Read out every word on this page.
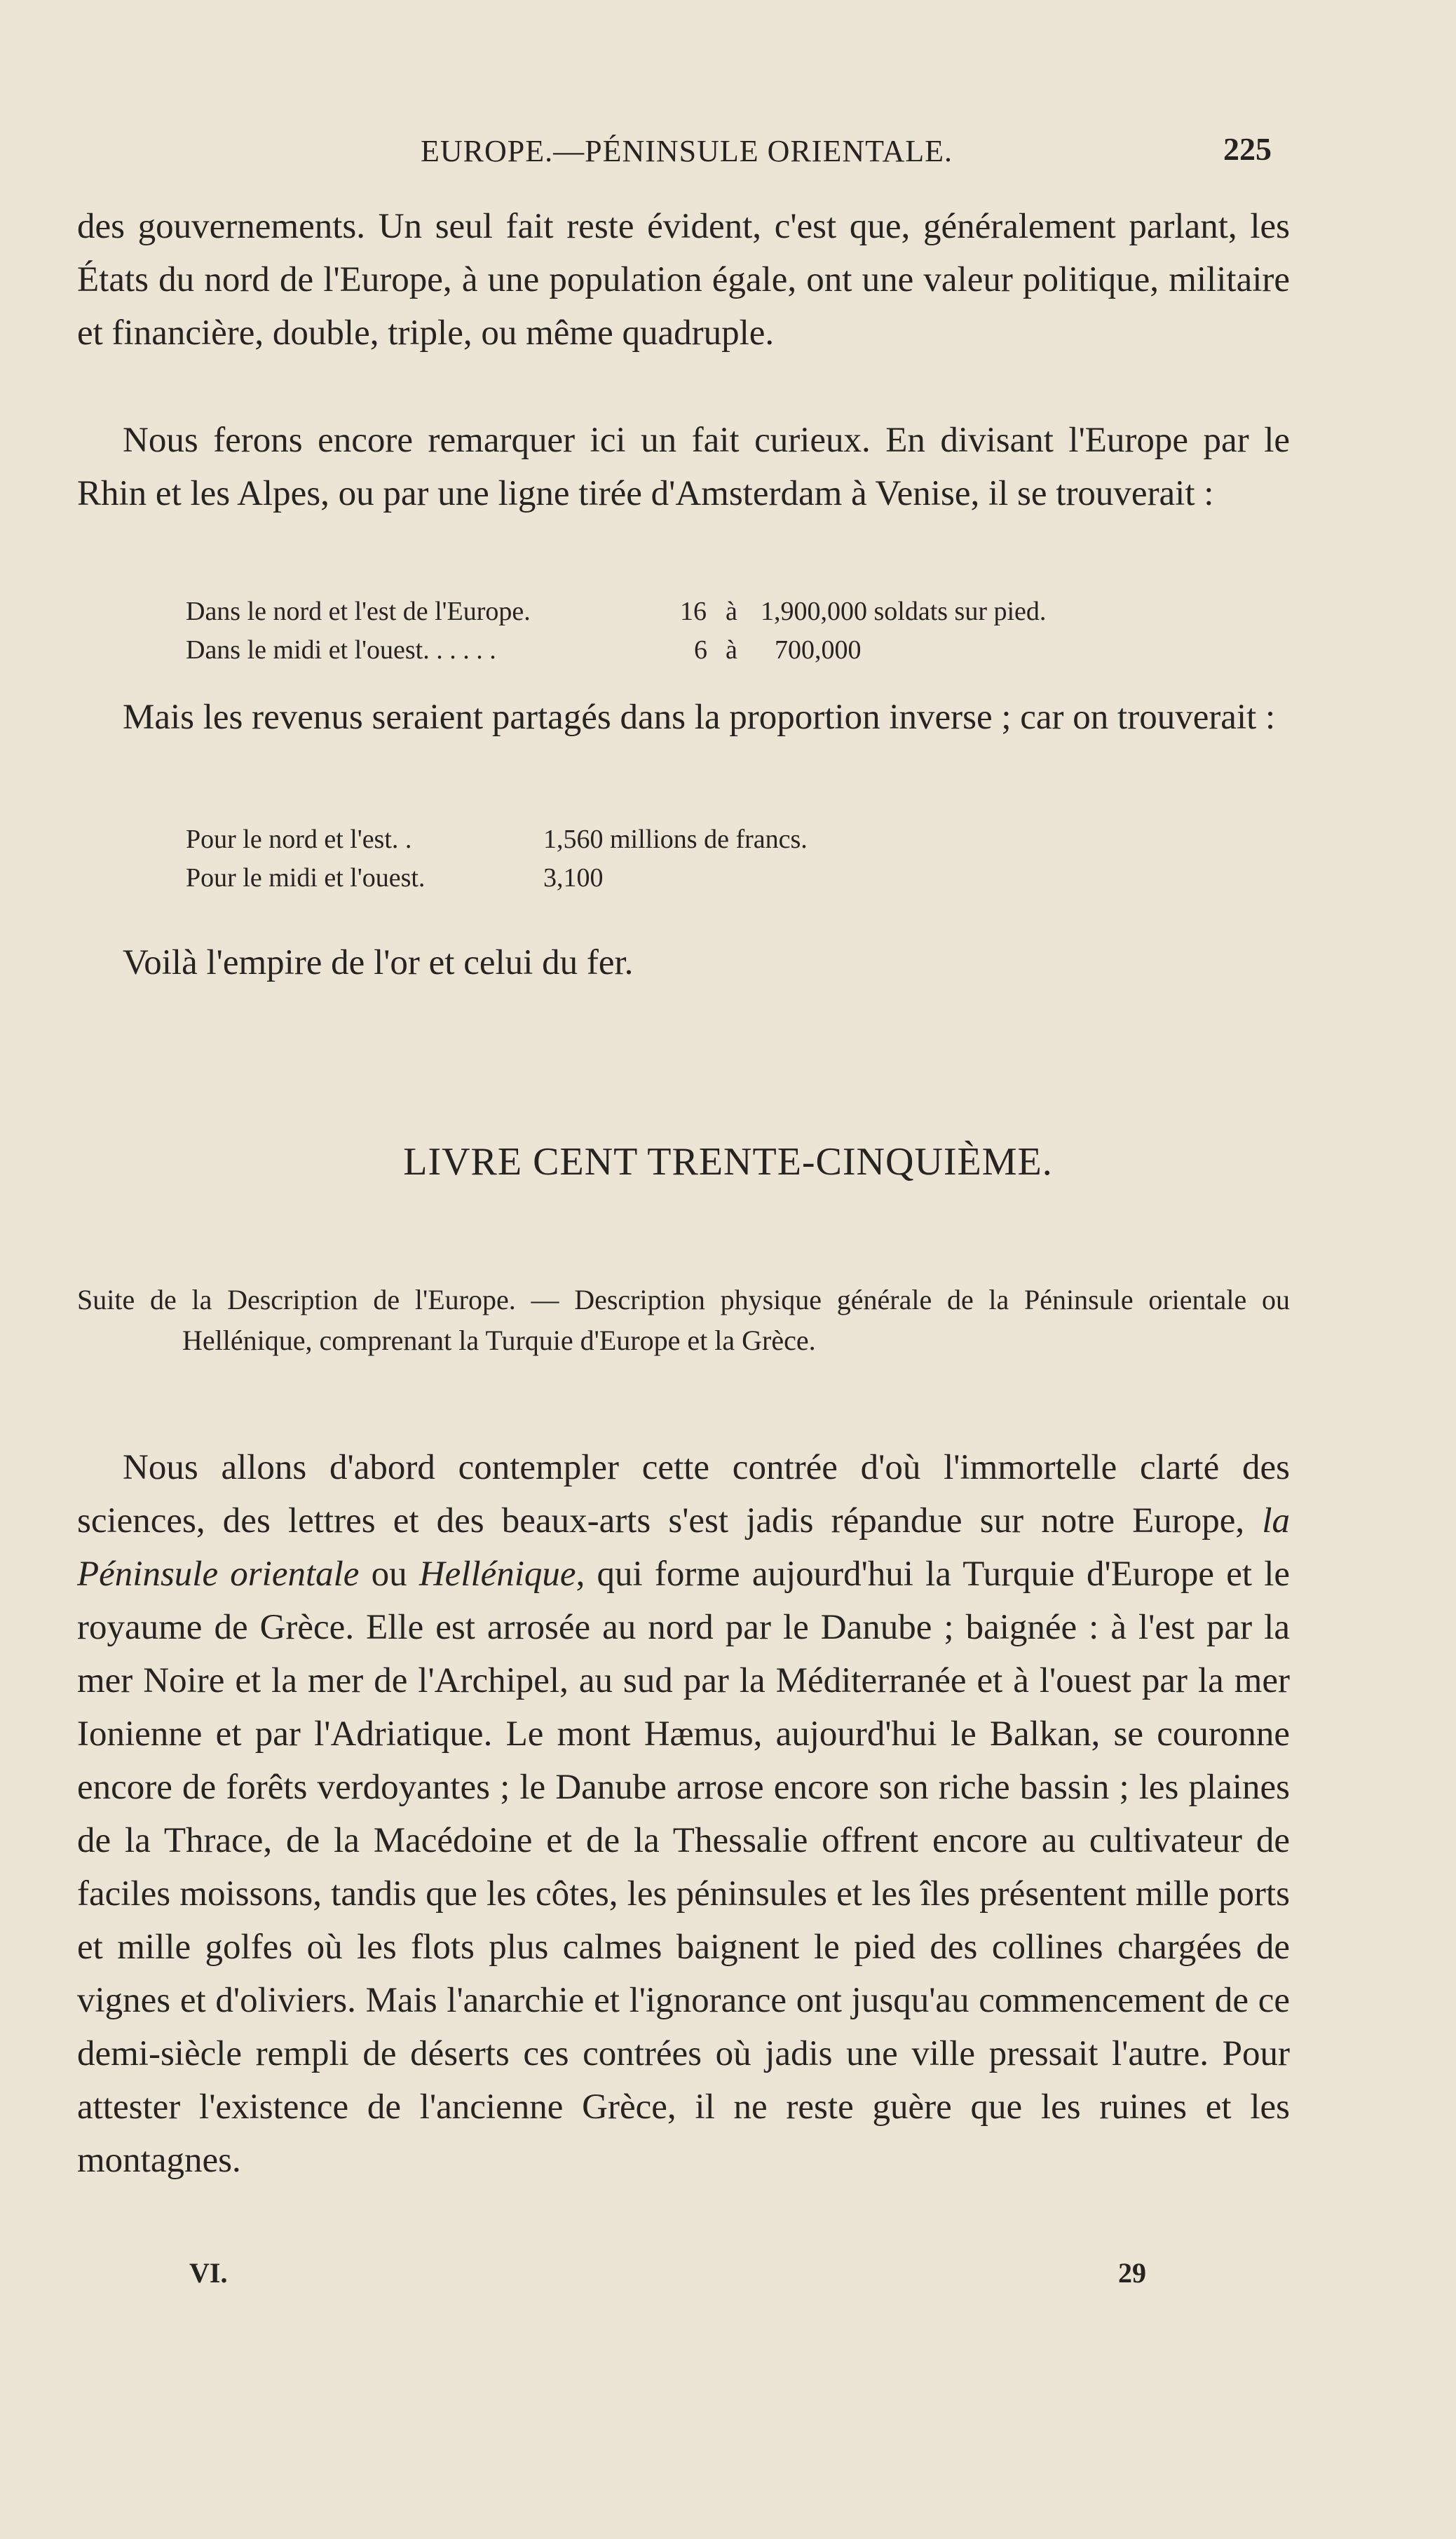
EUROPE.—PÉNINSULE ORIENTALE.	225

des gouvernements. Un seul fait reste évident, c'est que, généralement parlant, les États du nord de l'Europe, à une population égale, ont une valeur politique, militaire et financière, double, triple, ou même quadruple.

Nous ferons encore remarquer ici un fait curieux. En divisant l'Europe par le Rhin et les Alpes, ou par une ligne tirée d'Amsterdam à Venise, il se trouverait :

Dans le nord et l'est de l'Europe.	16 à 1,900,000 soldats sur pied.
Dans le midi et l'ouest. . . . . .	6 à 700,000

Mais les revenus seraient partagés dans la proportion inverse ; car on trouverait :

Pour le nord et l'est. .	1,560 millions de francs.
Pour le midi et l'ouest.	3,100

Voilà l'empire de l'or et celui du fer.

LIVRE CENT TRENTE-CINQUIÈME.

Suite de la Description de l'Europe. — Description physique générale de la Péninsule orientale ou Hellénique, comprenant la Turquie d'Europe et la Grèce.

Nous allons d'abord contempler cette contrée d'où l'immortelle clarté des sciences, des lettres et des beaux-arts s'est jadis répandue sur notre Europe, la Péninsule orientale ou Hellénique, qui forme aujourd'hui la Turquie d'Europe et le royaume de Grèce. Elle est arrosée au nord par le Danube ; baignée : à l'est par la mer Noire et la mer de l'Archipel, au sud par la Méditerranée et à l'ouest par la mer Ionienne et par l'Adriatique. Le mont Hæmus, aujourd'hui le Balkan, se couronne encore de forêts verdoyantes ; le Danube arrose encore son riche bassin ; les plaines de la Thrace, de la Macédoine et de la Thessalie offrent encore au cultivateur de faciles moissons, tandis que les côtes, les péninsules et les îles présentent mille ports et mille golfes où les flots plus calmes baignent le pied des collines chargées de vignes et d'oliviers. Mais l'anarchie et l'ignorance ont jusqu'au commencement de ce demi-siècle rempli de déserts ces contrées où jadis une ville pressait l'autre. Pour attester l'existence de l'ancienne Grèce, il ne reste guère que les ruines et les montagnes.

VI.	29
